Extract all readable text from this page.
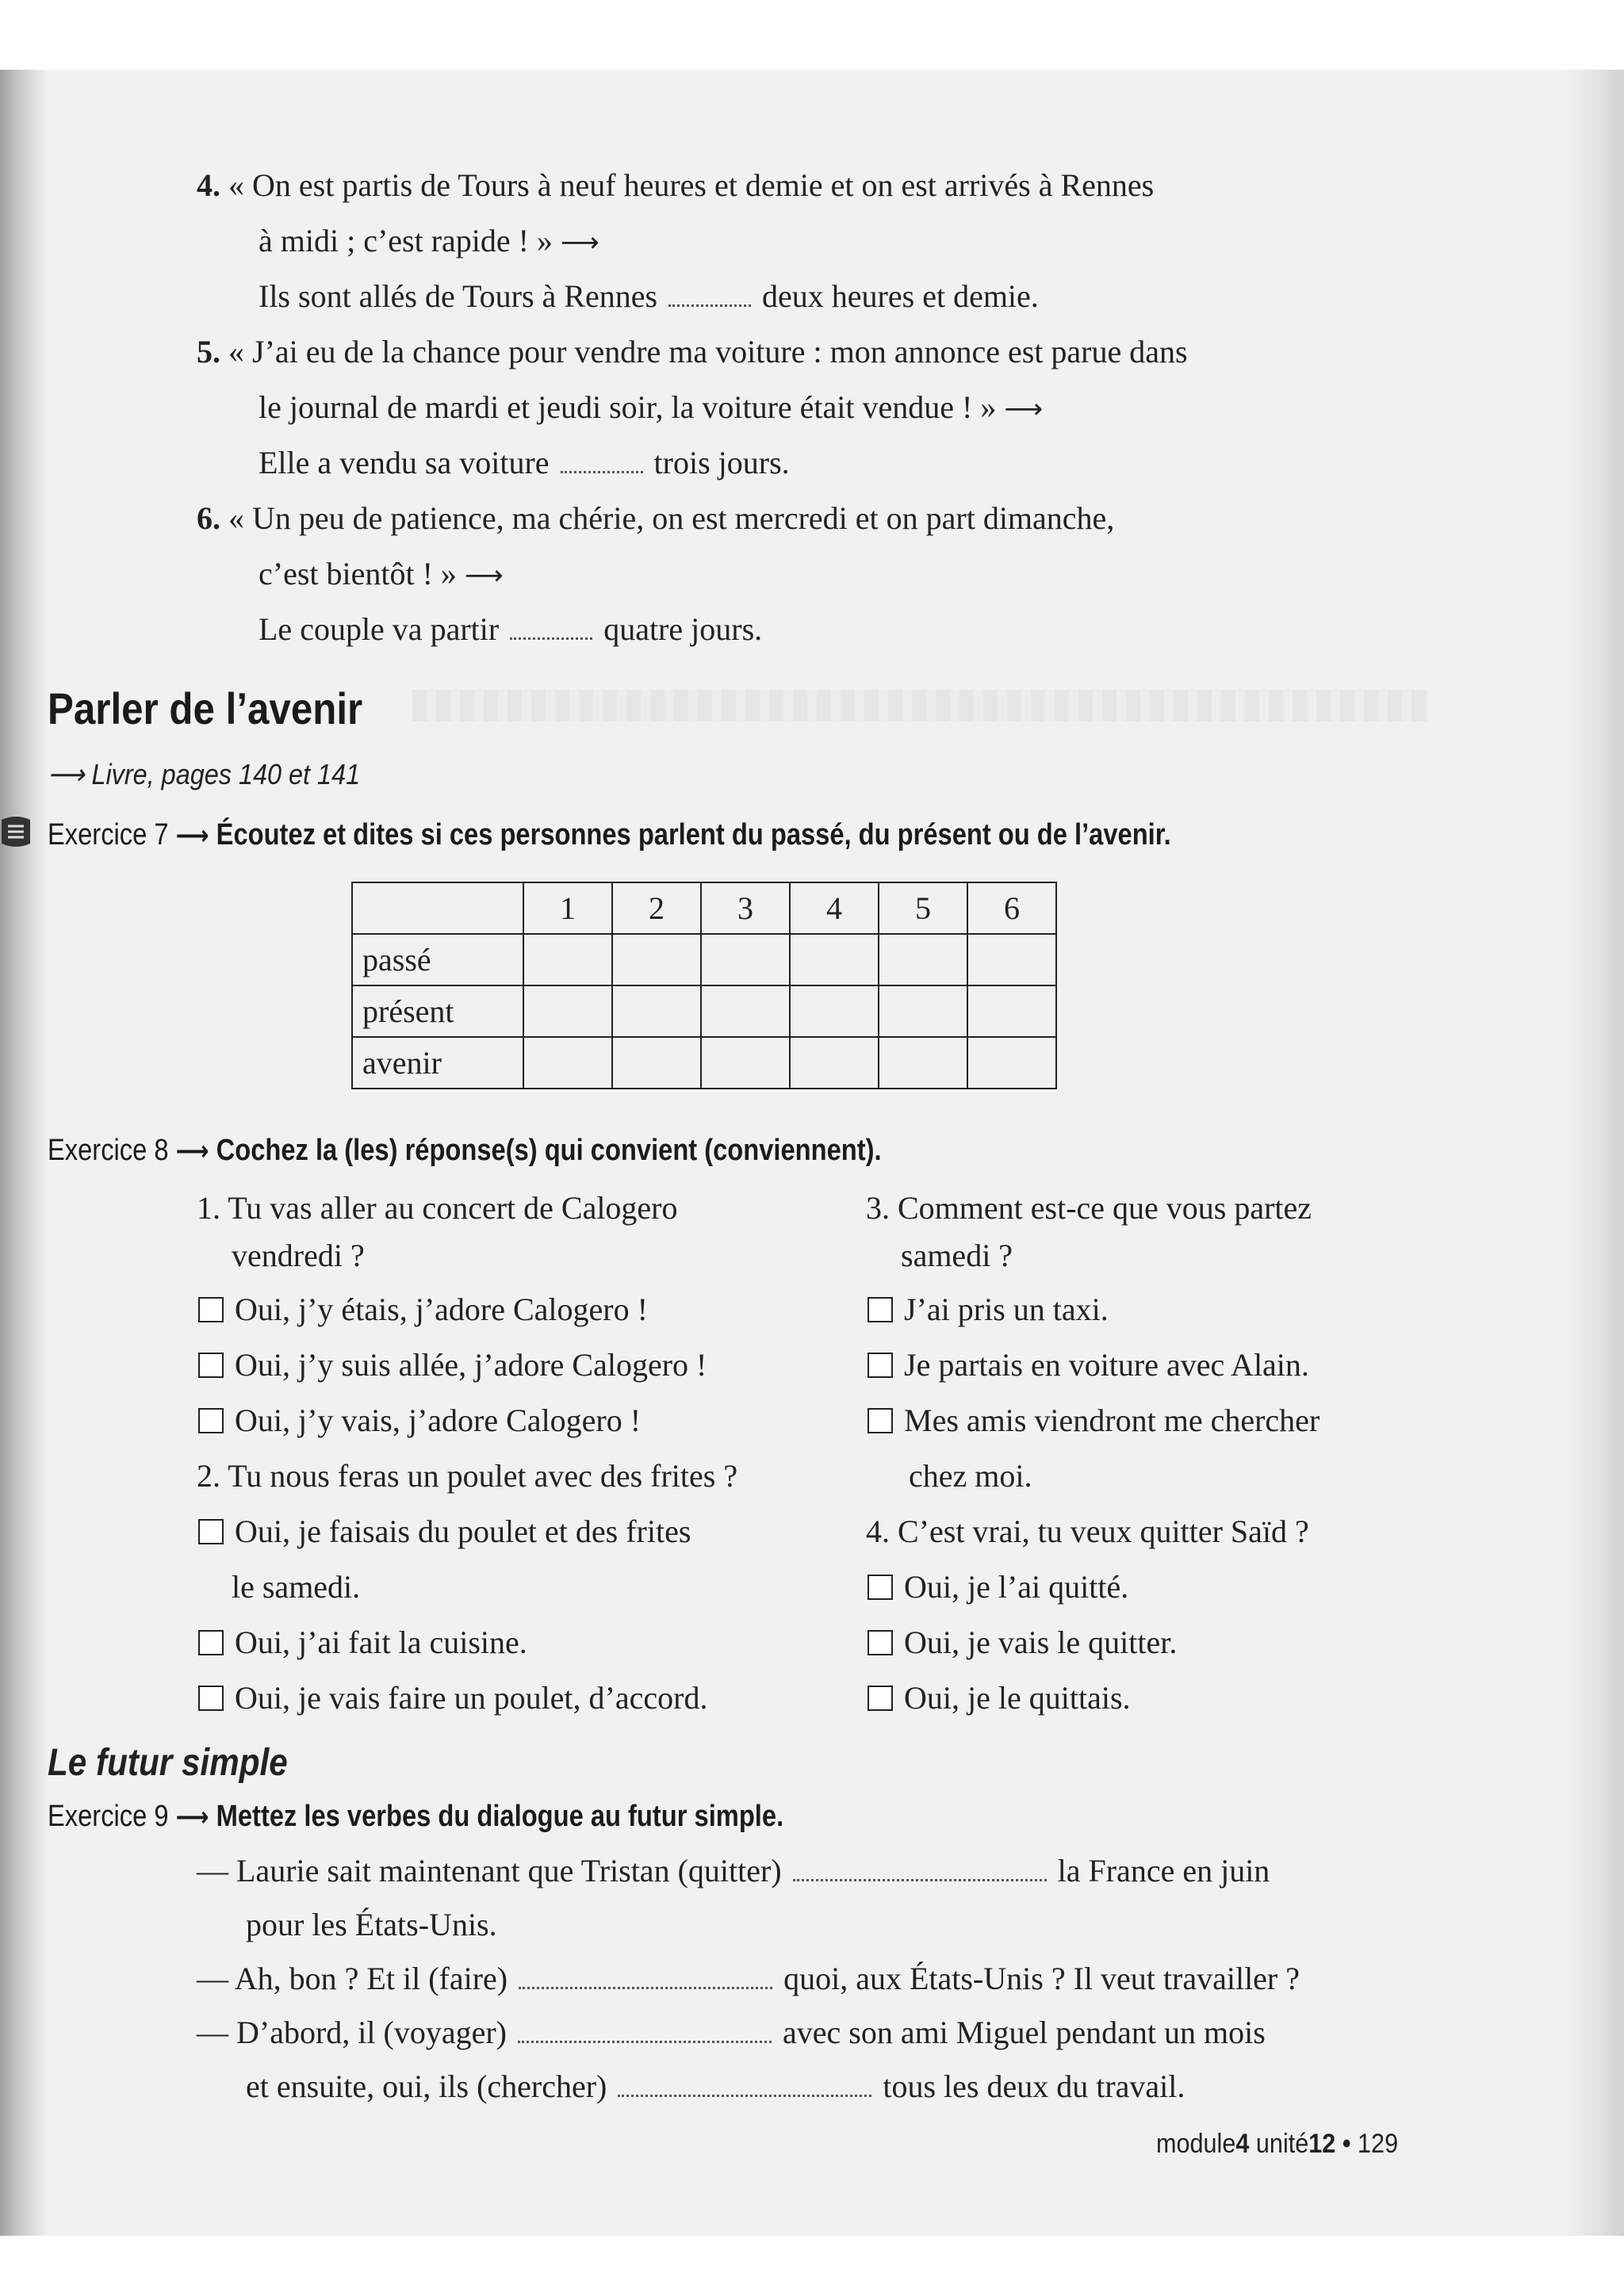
4. « On est partis de Tours à neuf heures et demie et on est arrivés à Rennes
à midi ; c’est rapide ! » ⟶
Ils sont allés de Tours à Rennes	deux heures et demie.
5. « J’ai eu de la chance pour vendre ma voiture : mon annonce est parue dans
le journal de mardi et jeudi soir, la voiture était vendue ! » ⟶
Elle a vendu sa voiture	trois jours.
6. « Un peu de patience, ma chérie, on est mercredi et on part dimanche,
c’est bientôt ! » ⟶
Le couple va partir	quatre jours.
Parler de l’avenir
⟶ Livre, pages 140 et 141
Exercice 7 ⟶ Écoutez et dites si ces personnes parlent du passé, du présent ou de l’avenir.
	1	2	3	4	5	6
passé						
présent						
avenir						
Exercice 8 ⟶ Cochez la (les) réponse(s) qui convient (conviennent).
1. Tu vas aller au concert de Calogero
vendredi ?
Oui, j’y étais, j’adore Calogero !
Oui, j’y suis allée, j’adore Calogero !
Oui, j’y vais, j’adore Calogero !
2. Tu nous feras un poulet avec des frites ?
Oui, je faisais du poulet et des frites
le samedi.
Oui, j’ai fait la cuisine.
Oui, je vais faire un poulet, d’accord.
3. Comment est-ce que vous partez
samedi ?
J’ai pris un taxi.
Je partais en voiture avec Alain.
Mes amis viendront me chercher
chez moi.
4. C’est vrai, tu veux quitter Saïd ?
Oui, je l’ai quitté.
Oui, je vais le quitter.
Oui, je le quittais.
Le futur simple
Exercice 9 ⟶ Mettez les verbes du dialogue au futur simple.
— Laurie sait maintenant que Tristan (quitter)	la France en juin
pour les États-Unis.
— Ah, bon ? Et il (faire)	quoi, aux États-Unis ? Il veut travailler ?
— D’abord, il (voyager)	avec son ami Miguel pendant un mois
et ensuite, oui, ils (chercher)	tous les deux du travail.
module4 unité12 • 129
